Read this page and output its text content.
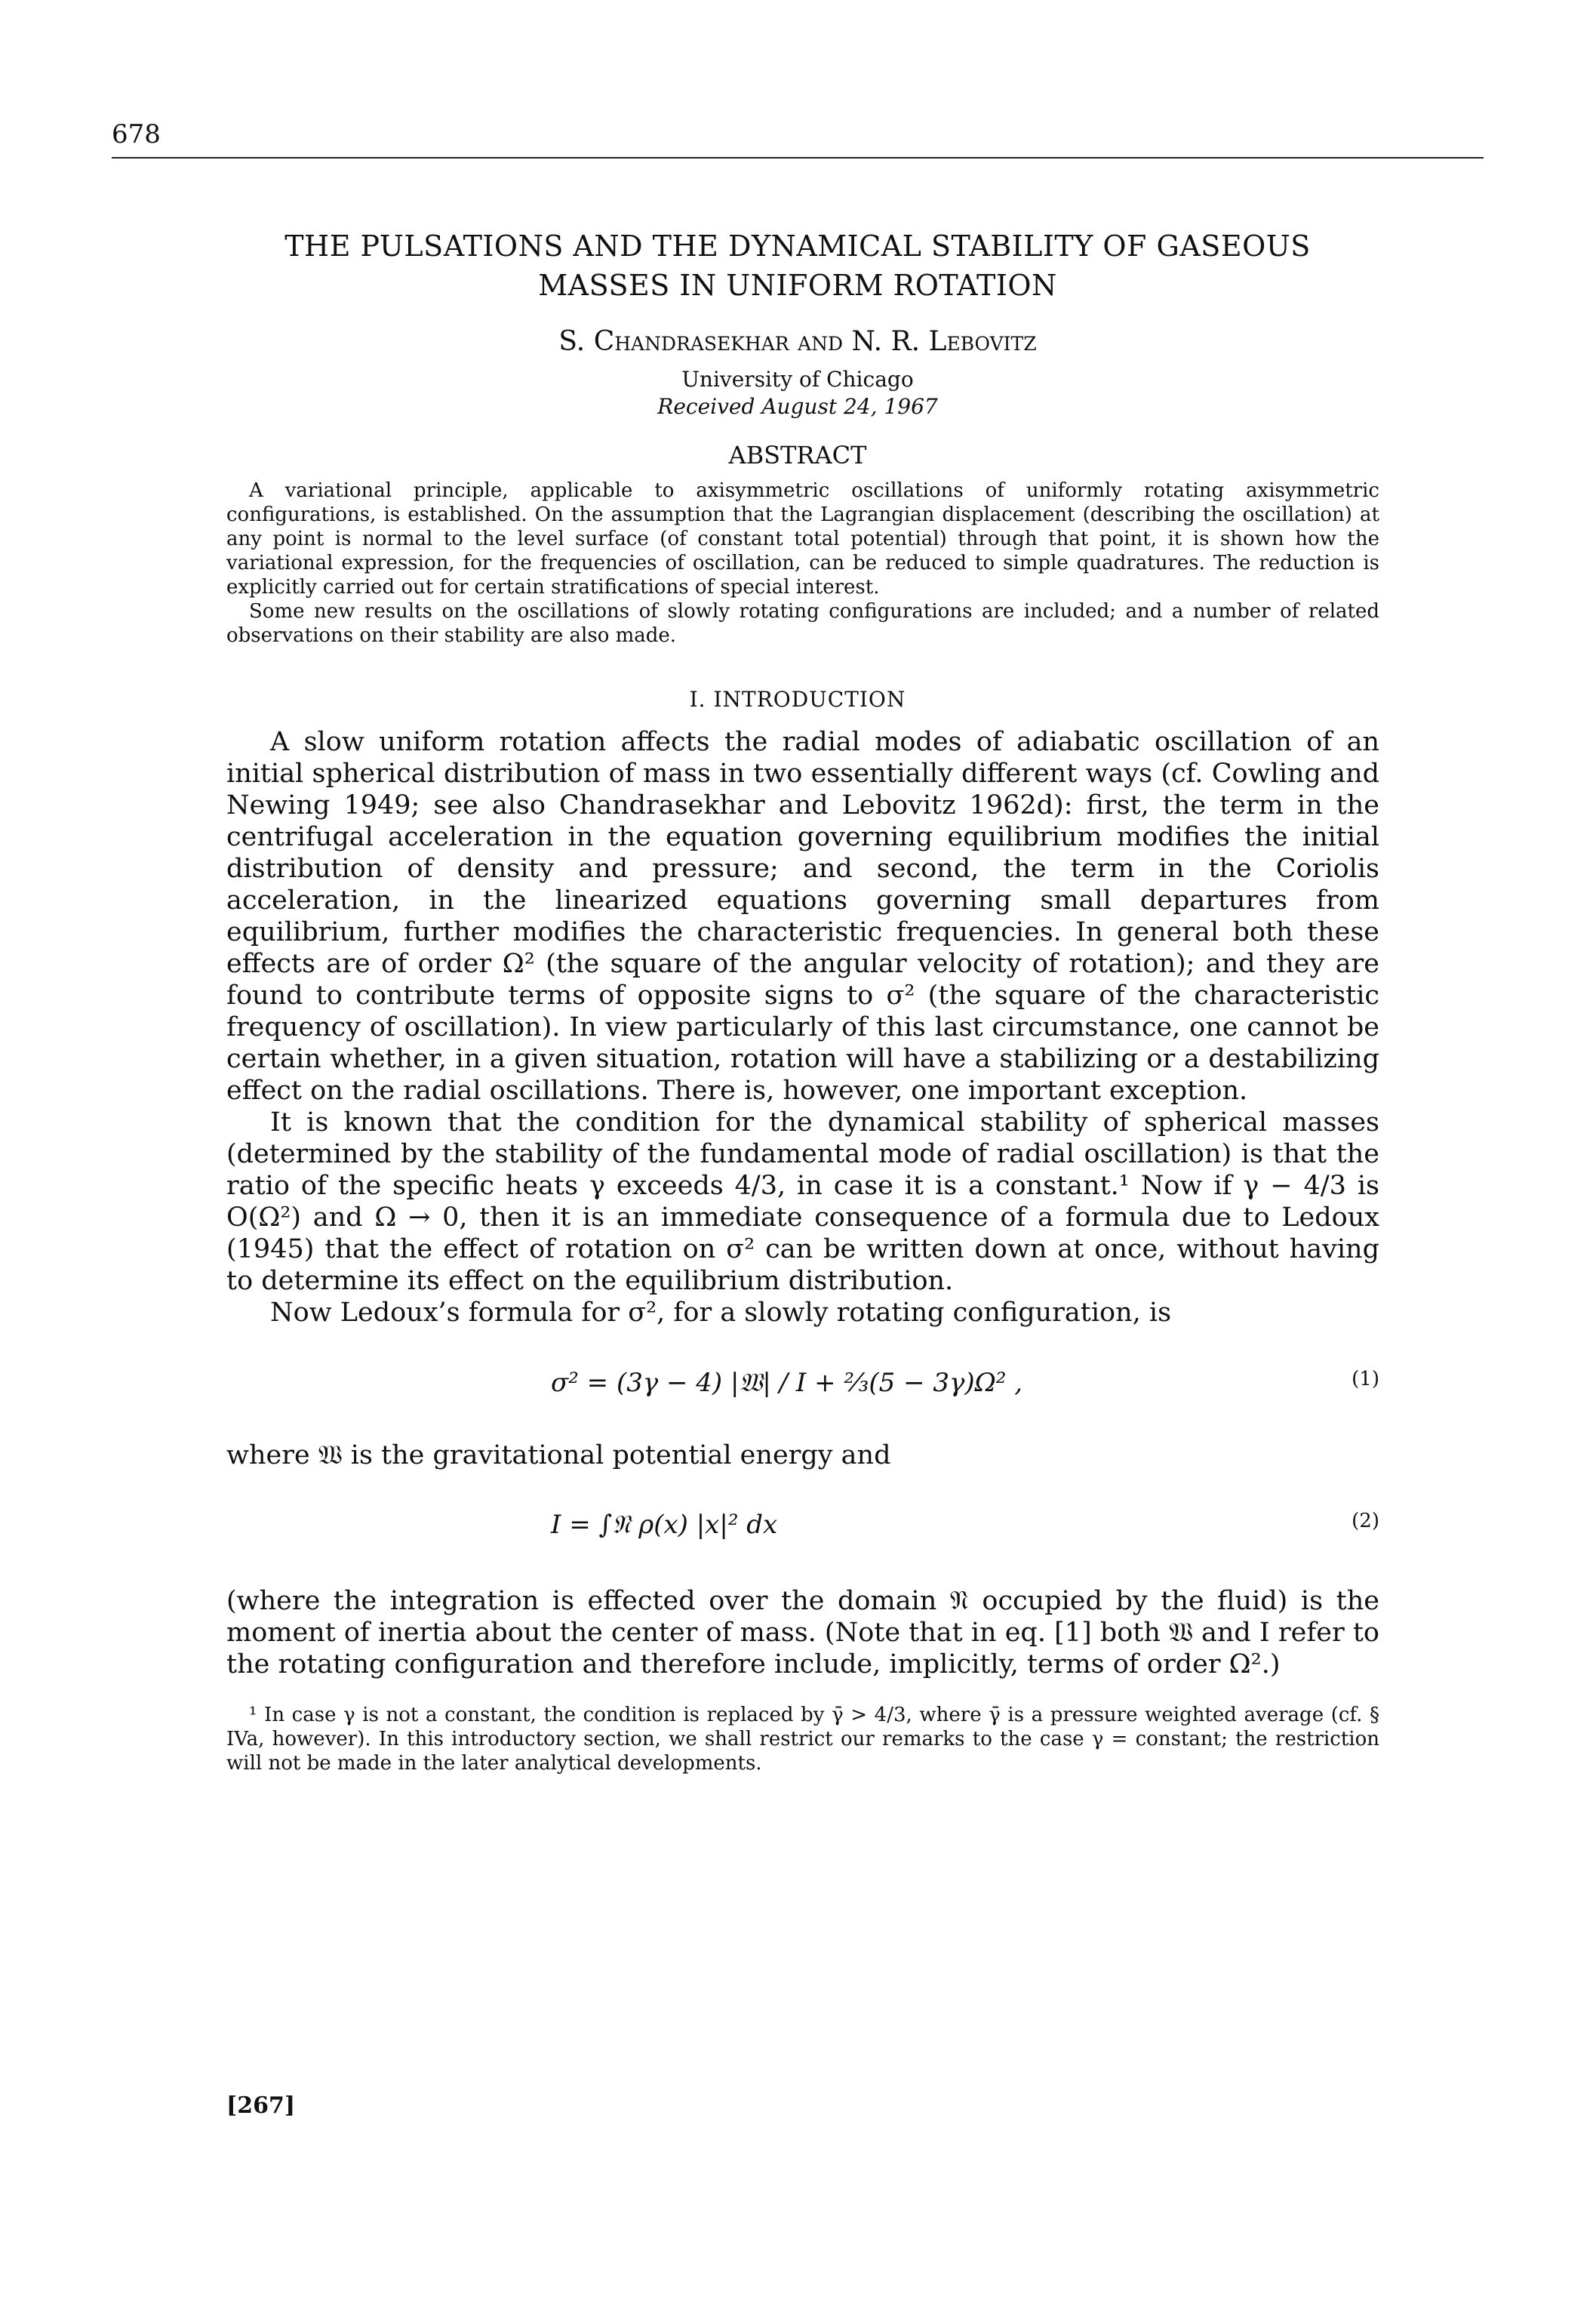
678
THE PULSATIONS AND THE DYNAMICAL STABILITY OF GASEOUS
MASSES IN UNIFORM ROTATION
S. Chandrasekhar and N. R. Lebovitz
University of Chicago
Received August 24, 1967
ABSTRACT

A variational principle, applicable to axisymmetric oscillations of uniformly rotating axisymmetric configurations, is established. On the assumption that the Lagrangian displacement (describing the oscillation) at any point is normal to the level surface (of constant total potential) through that point, it is shown how the variational expression, for the frequencies of oscillation, can be reduced to simple quadratures. The reduction is explicitly carried out for certain stratifications of special interest.

Some new results on the oscillations of slowly rotating configurations are included; and a number of related observations on their stability are also made.

I. INTRODUCTION

A slow uniform rotation affects the radial modes of adiabatic oscillation of an initial spherical distribution of mass in two essentially different ways (cf. Cowling and Newing 1949; see also Chandrasekhar and Lebovitz 1962d): first, the term in the centrifugal acceleration in the equation governing equilibrium modifies the initial distribution of density and pressure; and second, the term in the Coriolis acceleration, in the linearized equations governing small departures from equilibrium, further modifies the characteristic frequencies. In general both these effects are of order Ω² (the square of the angular velocity of rotation); and they are found to contribute terms of opposite signs to σ² (the square of the characteristic frequency of oscillation). In view particularly of this last circumstance, one cannot be certain whether, in a given situation, rotation will have a stabilizing or a destabilizing effect on the radial oscillations. There is, however, one important exception.

It is known that the condition for the dynamical stability of spherical masses (determined by the stability of the fundamental mode of radial oscillation) is that the ratio of the specific heats γ exceeds 4/3, in case it is a constant.¹ Now if γ − 4/3 is O(Ω²) and Ω → 0, then it is an immediate consequence of a formula due to Ledoux (1945) that the effect of rotation on σ² can be written down at once, without having to determine its effect on the equilibrium distribution.

Now Ledoux’s formula for σ², for a slowly rotating configuration, is

σ² = (3γ − 4) |𝔚| / I + ⅔(5 − 3γ)Ω² ,	(1)
where 𝔚 is the gravitational potential energy and
I = ∫𝔑 ρ(x) |x|² dx	(2)

(where the integration is effected over the domain 𝔑 occupied by the fluid) is the moment of inertia about the center of mass. (Note that in eq. [1] both 𝔚 and I refer to the rotating configuration and therefore include, implicitly, terms of order Ω².)

¹ In case γ is not a constant, the condition is replaced by γ̄ > 4/3, where γ̄ is a pressure weighted average (cf. § IVa, however). In this introductory section, we shall restrict our remarks to the case γ = constant; the restriction will not be made in the later analytical developments.

[267]
